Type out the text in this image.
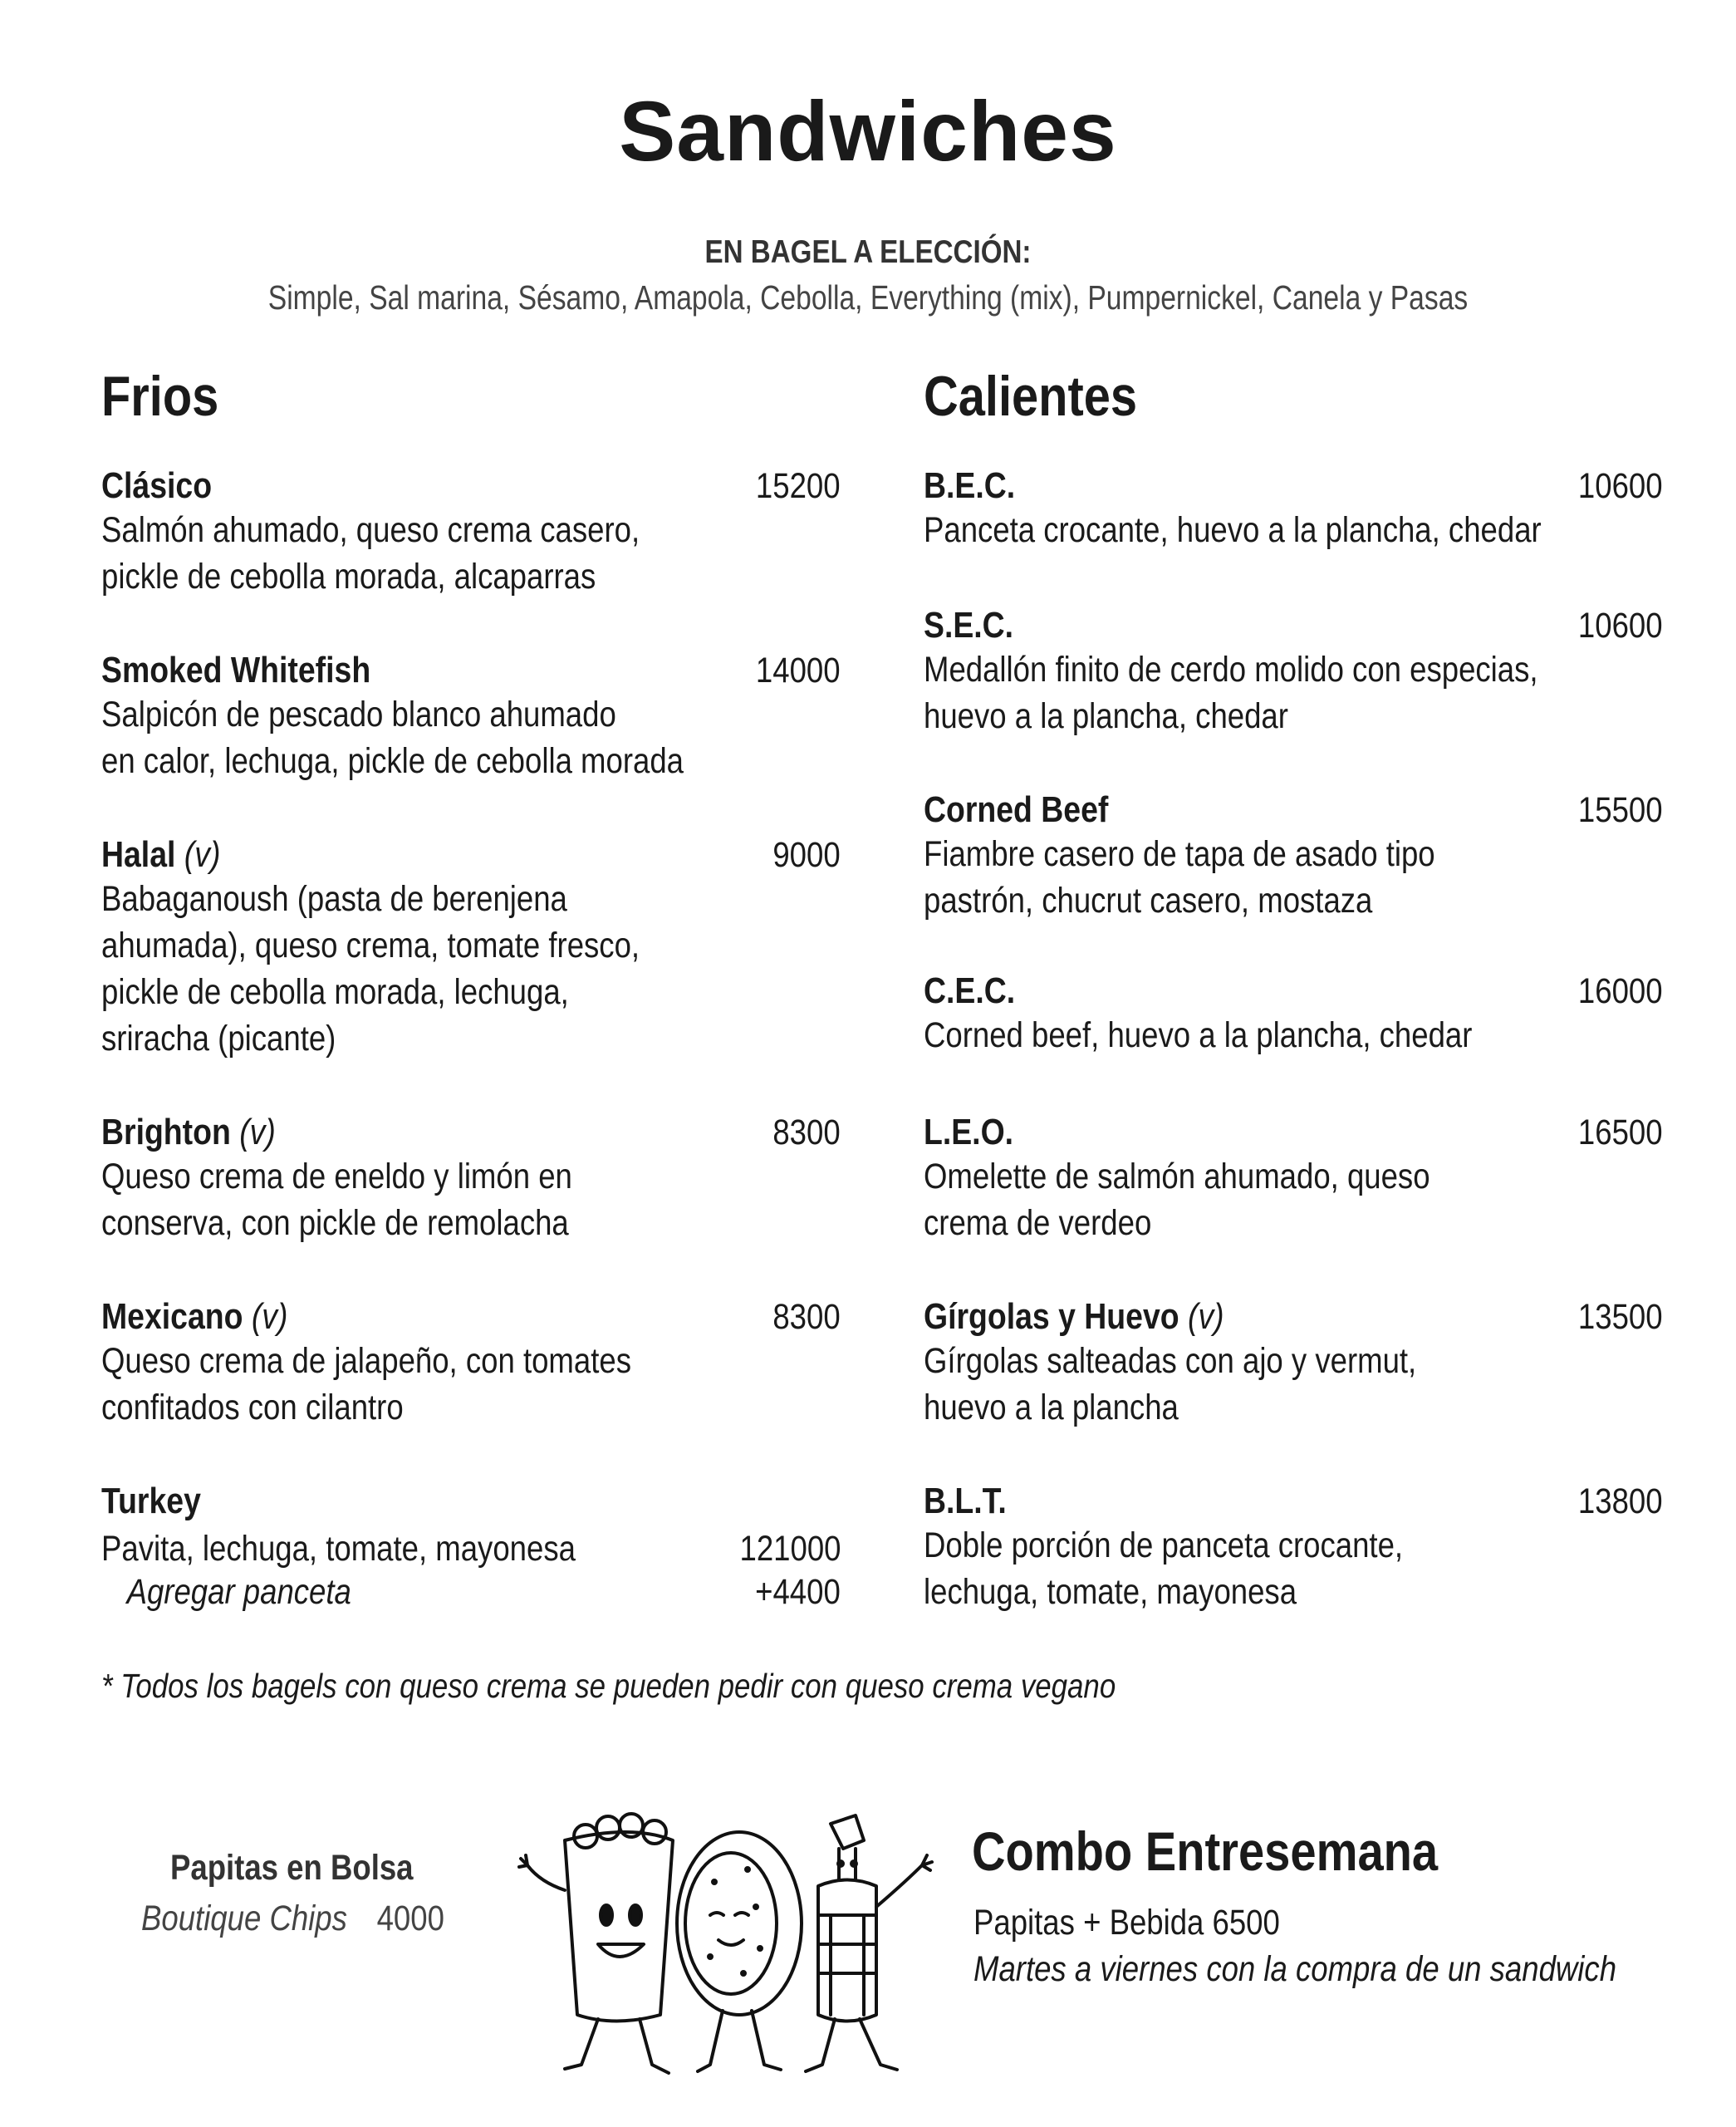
Sandwiches
EN BAGEL A ELECCIÓN:
Simple, Sal marina, Sésamo, Amapola, Cebolla, Everything (mix), Pumpernickel, Canela y Pasas
Frios	Calientes
Clásico	15200
Salmón ahumado, queso crema casero,
pickle de cebolla morada, alcaparras
Smoked Whitefish	14000
Salpicón de pescado blanco ahumado
en calor, lechuga, pickle de cebolla morada
Halal (v)	9000
Babaganoush (pasta de berenjena
ahumada), queso crema, tomate fresco,
pickle de cebolla morada, lechuga,
sriracha (picante)
Brighton (v)	8300
Queso crema de eneldo y limón en
conserva, con pickle de remolacha
Mexicano (v)	8300
Queso crema de jalapeño, con tomates
confitados con cilantro
Turkey
Pavita, lechuga, tomate, mayonesa	121000
Agregar panceta	+4400
B.E.C.	10600
Panceta crocante, huevo a la plancha, chedar
S.E.C.	10600
Medallón finito de cerdo molido con especias,
huevo a la plancha, chedar
Corned Beef	15500
Fiambre casero de tapa de asado tipo
pastrón, chucrut casero, mostaza
C.E.C.	16000
Corned beef, huevo a la plancha, chedar
L.E.O.	16500
Omelette de salmón ahumado, queso
crema de verdeo
Gírgolas y Huevo (v)	13500
Gírgolas salteadas con ajo y vermut,
huevo a la plancha
B.L.T.	13800
Doble porción de panceta crocante,
lechuga, tomate, mayonesa
* Todos los bagels con queso crema se pueden pedir con queso crema vegano
Papitas en Bolsa
Boutique Chips 4000
Combo Entresemana
Papitas + Bebida 6500
Martes a viernes con la compra de un sandwich
